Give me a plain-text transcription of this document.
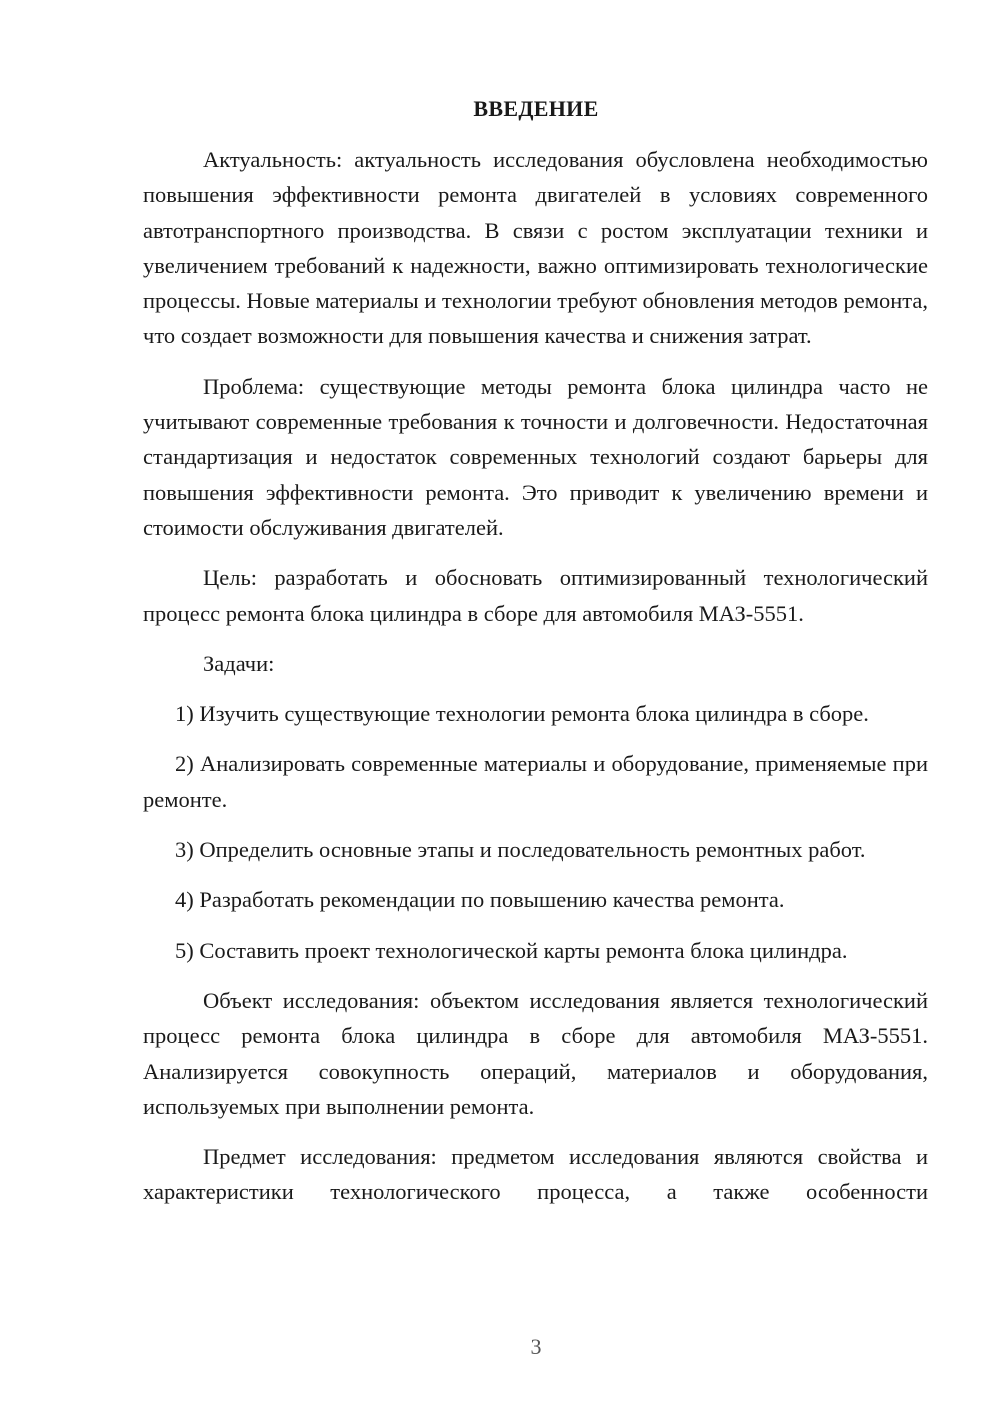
ВВЕДЕНИЕ

Актуальность: актуальность исследования обусловлена необходимостью повышения эффективности ремонта двигателей в условиях современного автотранспортного производства. В связи с ростом эксплуатации техники и увеличением требований к надежности, важно оптимизировать технологические процессы. Новые материалы и технологии требуют обновления методов ремонта, что создает возможности для повышения качества и снижения затрат.

Проблема: существующие методы ремонта блока цилиндра часто не учитывают современные требования к точности и долговечности. Недостаточная стандартизация и недостаток современных технологий создают барьеры для повышения эффективности ремонта. Это приводит к увеличению времени и стоимости обслуживания двигателей.

Цель: разработать и обосновать оптимизированный технологический процесс ремонта блока цилиндра в сборе для автомобиля МАЗ-5551.

Задачи:

1) Изучить существующие технологии ремонта блока цилиндра в сборе.

2) Анализировать современные материалы и оборудование, применяемые при ремонте.

3) Определить основные этапы и последовательность ремонтных работ.

4) Разработать рекомендации по повышению качества ремонта.

5) Составить проект технологической карты ремонта блока цилиндра.

Объект исследования: объектом исследования является технологический процесс ремонта блока цилиндра в сборе для автомобиля МАЗ-5551. Анализируется совокупность операций, материалов и оборудования, используемых при выполнении ремонта.

Предмет исследования: предметом исследования являются свойства и характеристики технологического процесса, а также особенности

3
